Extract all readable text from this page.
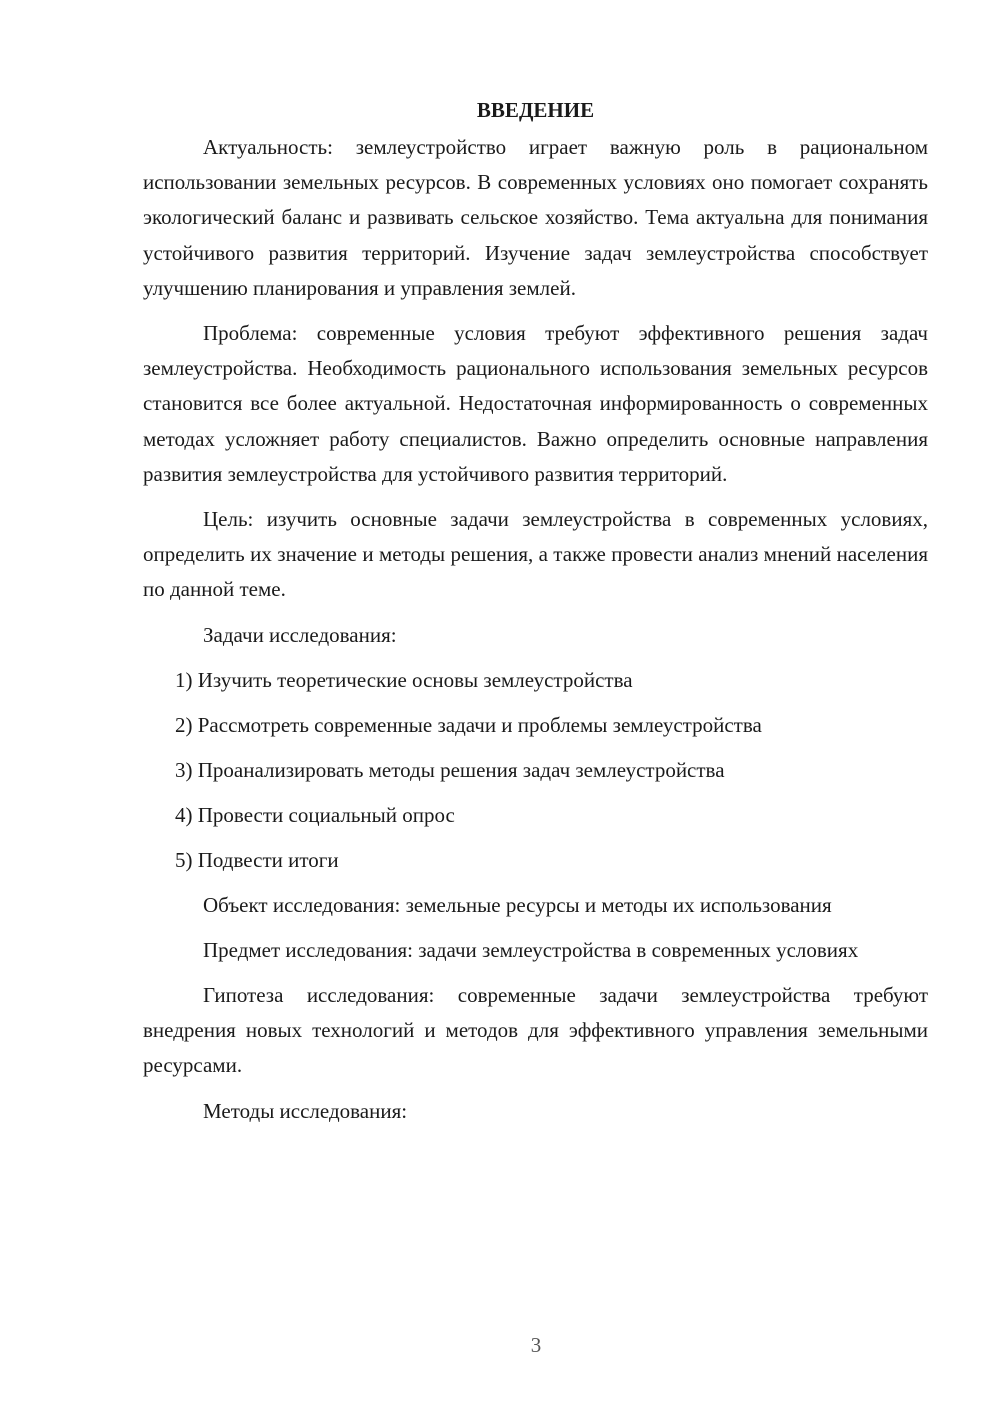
ВВЕДЕНИЕ

Актуальность: землеустройство играет важную роль в рациональном использовании земельных ресурсов. В современных условиях оно помогает сохранять экологический баланс и развивать сельское хозяйство. Тема актуальна для понимания устойчивого развития территорий. Изучение задач землеустройства способствует улучшению планирования и управления землей.

Проблема: современные условия требуют эффективного решения задач землеустройства. Необходимость рационального использования земельных ресурсов становится все более актуальной. Недостаточная информированность о современных методах усложняет работу специалистов. Важно определить основные направления развития землеустройства для устойчивого развития территорий.

Цель: изучить основные задачи землеустройства в современных условиях, определить их значение и методы решения, а также провести анализ мнений населения по данной теме.

Задачи исследования:

1) Изучить теоретические основы землеустройства
2) Рассмотреть современные задачи и проблемы землеустройства
3) Проанализировать методы решения задач землеустройства
4) Провести социальный опрос
5) Подвести итоги

Объект исследования: земельные ресурсы и методы их использования

Предмет исследования: задачи землеустройства в современных условиях

Гипотеза исследования: современные задачи землеустройства требуют внедрения новых технологий и методов для эффективного управления земельными ресурсами.

Методы исследования:

3
